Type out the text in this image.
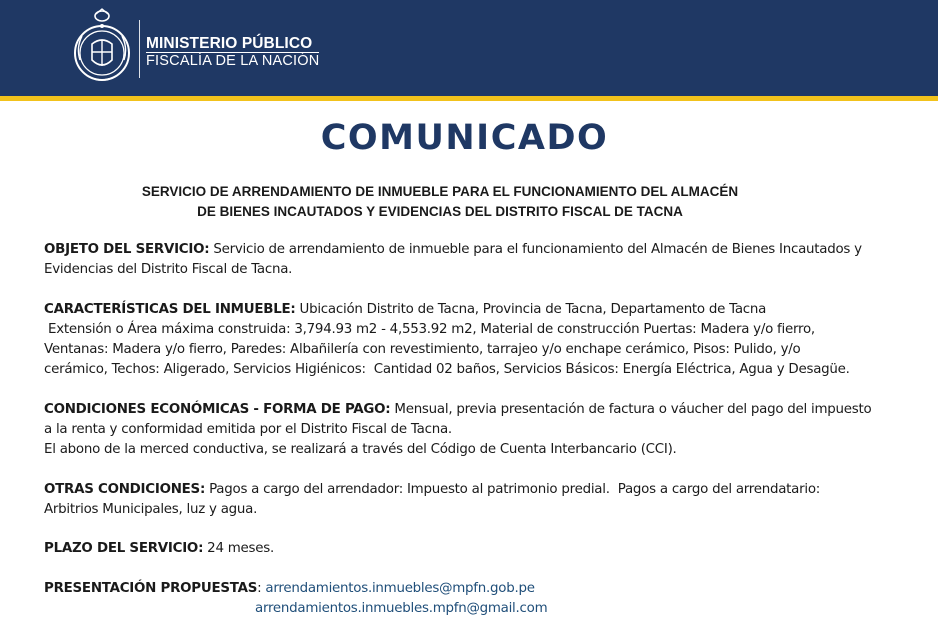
MINISTERIO PÚBLICO
FISCALÍA DE LA NACIÓN
COMUNICADO
SERVICIO DE ARRENDAMIENTO DE INMUEBLE PARA EL FUNCIONAMIENTO DEL ALMACÉN
DE BIENES INCAUTADOS Y EVIDENCIAS DEL DISTRITO FISCAL DE TACNA
OBJETO DEL SERVICIO: Servicio de arrendamiento de inmueble para el funcionamiento del Almacén de Bienes Incautados y
Evidencias del Distrito Fiscal de Tacna.
CARACTERÍSTICAS DEL INMUEBLE: Ubicación Distrito de Tacna, Provincia de Tacna, Departamento de Tacna
Extensión o Área máxima construida: 3,794.93 m2 - 4,553.92 m2, Material de construcción Puertas: Madera y/o fierro,
Ventanas: Madera y/o fierro, Paredes: Albañilería con revestimiento, tarrajeo y/o enchape cerámico, Pisos: Pulido, y/o
cerámico, Techos: Aligerado, Servicios Higiénicos:  Cantidad 02 baños, Servicios Básicos: Energía Eléctrica, Agua y Desagüe.
CONDICIONES ECONÓMICAS - FORMA DE PAGO: Mensual, previa presentación de factura o váucher del pago del impuesto
a la renta y conformidad emitida por el Distrito Fiscal de Tacna.
El abono de la merced conductiva, se realizará a través del Código de Cuenta Interbancario (CCI).
OTRAS CONDICIONES: Pagos a cargo del arrendador: Impuesto al patrimonio predial.  Pagos a cargo del arrendatario:
Arbitrios Municipales, luz y agua.
PLAZO DEL SERVICIO: 24 meses.
PRESENTACIÓN PROPUESTAS: arrendamientos.inmuebles@mpfn.gob.pe
arrendamientos.inmuebles.mpfn@gmail.com
